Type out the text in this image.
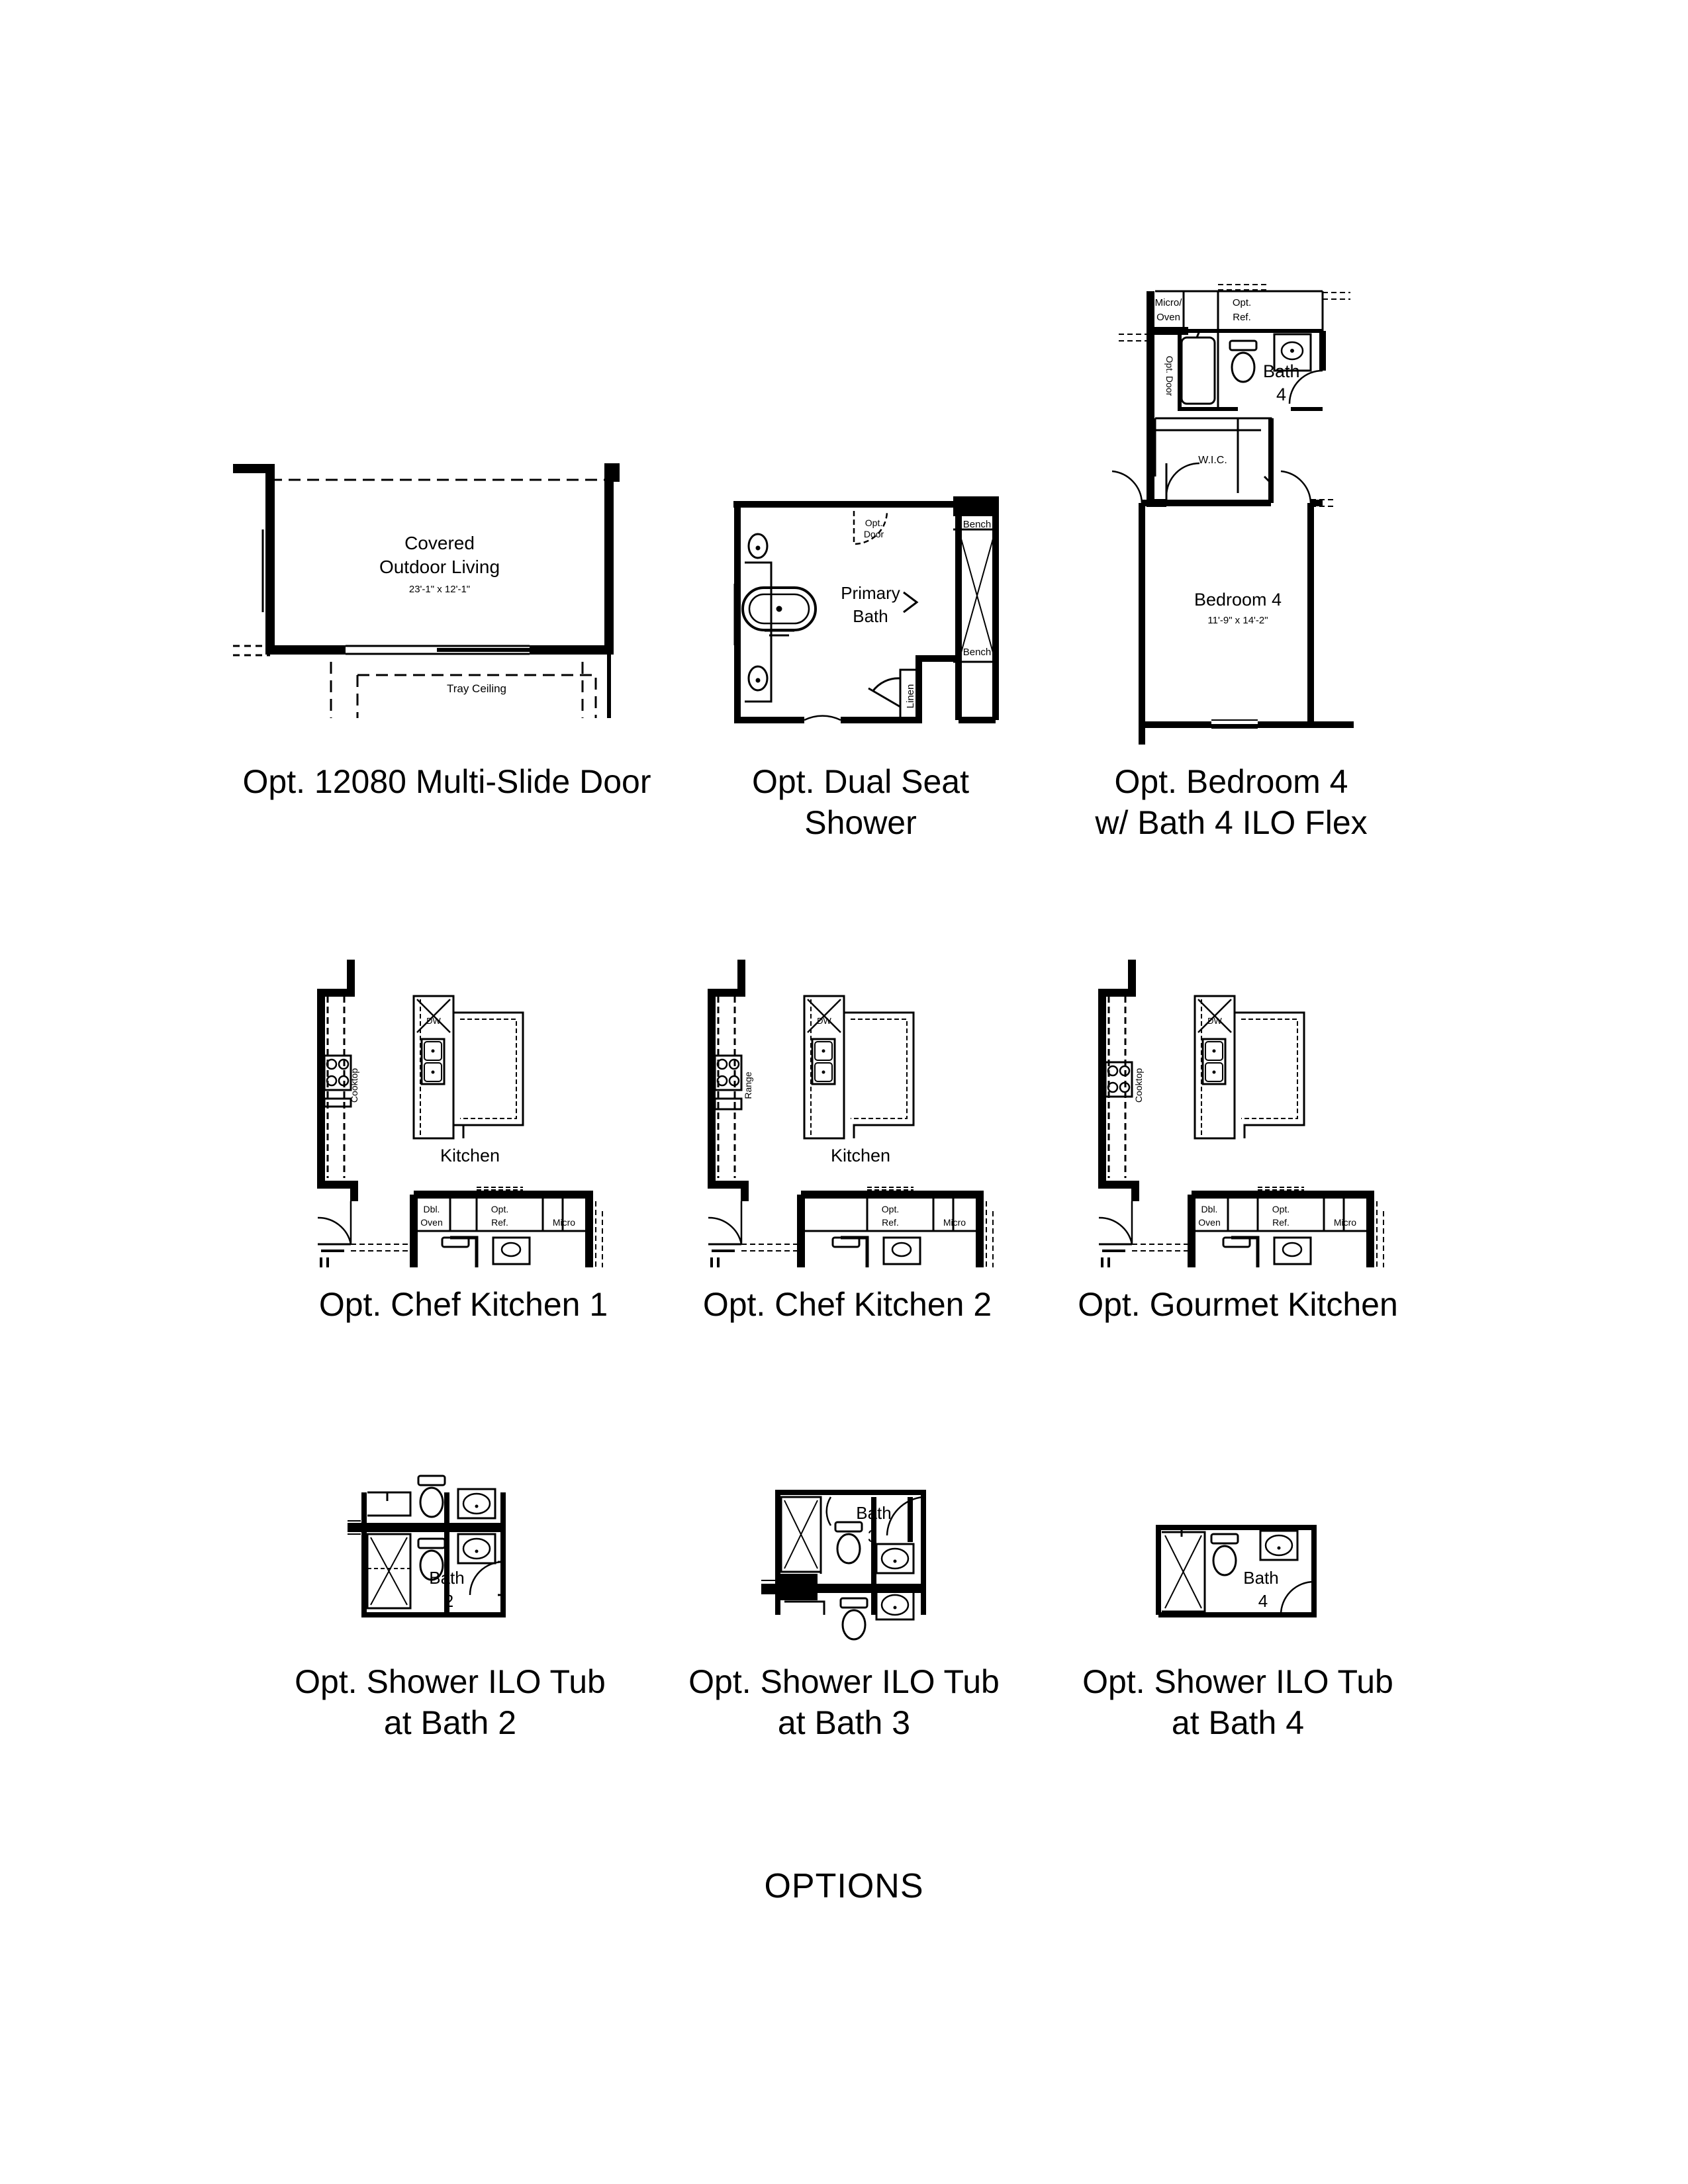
Covered
Outdoor Living
23'-1" x 12'-1"
Tray Ceiling
Opt.
Door
Bench
Bench
Primary
Bath
Linen
Micro/
Oven
Opt.
Ref.
Bath
4
Opt. Door
W.I.C.
Bedroom 4
11'-9" x 14'-2"
Cooktop
DW
Kitchen
Dbl.
Oven
Opt.
Ref.	Micro
Range
DW
Kitchen
Opt.
Ref.	Micro
Cooktop
DW
Dbl.
Oven
Opt.
Ref.	Micro
Bath
2
Bath
3
Bath
4
Opt. 12080 Multi-Slide Door	Opt. Dual Seat
Shower
Opt. Bedroom 4
w/ Bath 4 ILO Flex
Opt. Chef Kitchen 1	Opt. Chef Kitchen 2	Opt. Gourmet Kitchen
Opt. Shower ILO Tub
at Bath 2
Opt. Shower ILO Tub
at Bath 3
Opt. Shower ILO Tub
at Bath 4
OPTIONS
